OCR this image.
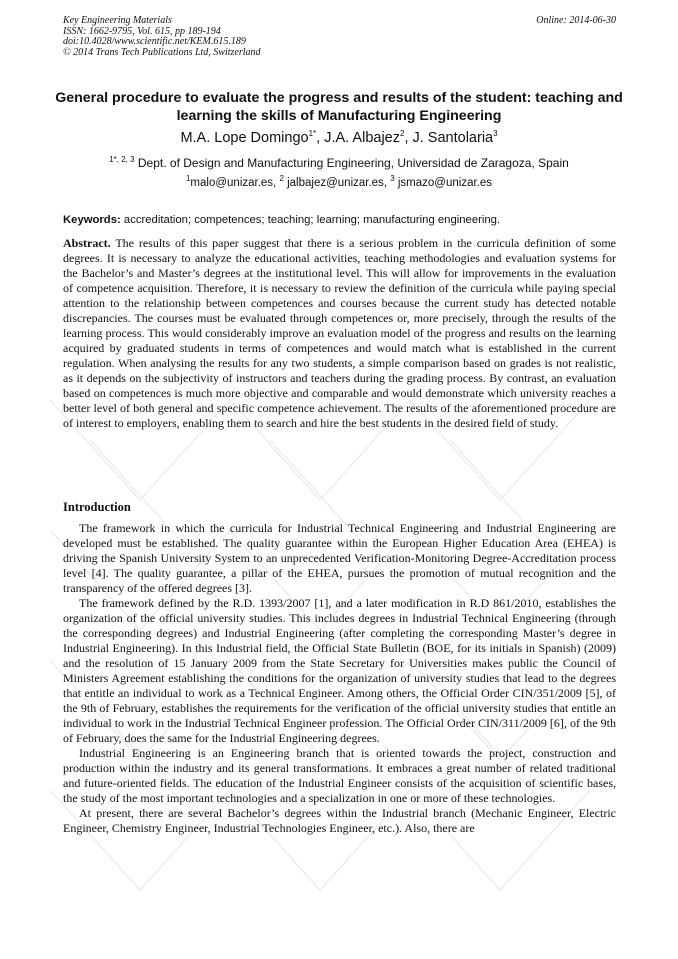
Key Engineering Materials
ISSN: 1662-9795, Vol. 615, pp 189-194
doi:10.4028/www.scientific.net/KEM.615.189
© 2014 Trans Tech Publications Ltd, Switzerland
Online: 2014-06-30
General procedure to evaluate the progress and results of the student: teaching and learning the skills of Manufacturing Engineering
M.A. Lope Domingo$^{1*}$, J.A. Albajez$^2$, J. Santolaria$^3$
$^{1*, 2, 3}$ Dept. of Design and Manufacturing Engineering, Universidad de Zaragoza, Spain
$^1$malo@unizar.es, $^2$ jalbajez@unizar.es, $^3$ jsmazo@unizar.es
Keywords: accreditation; competences; teaching; learning; manufacturing engineering.

Abstract. The results of this paper suggest that there is a serious problem in the curricula definition of some degrees. It is necessary to analyze the educational activities, teaching methodologies and evaluation systems for the Bachelor’s and Master’s degrees at the institutional level. This will allow for improvements in the evaluation of competence acquisition. Therefore, it is necessary to review the definition of the curricula while paying special attention to the relationship between competences and courses because the current study has detected notable discrepancies. The courses must be evaluated through competences or, more precisely, through the results of the learning process. This would considerably improve an evaluation model of the progress and results on the learning acquired by graduated students in terms of competences and would match what is established in the current regulation. When analysing the results for any two students, a simple comparison based on grades is not realistic, as it depends on the subjectivity of instructors and teachers during the grading process. By contrast, an evaluation based on competences is much more objective and comparable and would demonstrate which university reaches a better level of both general and specific competence achievement. The results of the aforementioned procedure are of interest to employers, enabling them to search and hire the best students in the desired field of study.

Introduction

The framework in which the curricula for Industrial Technical Engineering and Industrial Engineering are developed must be established. The quality guarantee within the European Higher Education Area (EHEA) is driving the Spanish University System to an unprecedented Verification-Monitoring Degree-Accreditation process level [4]. The quality guarantee, a pillar of the EHEA, pursues the promotion of mutual recognition and the transparency of the offered degrees [3].

The framework defined by the R.D. 1393/2007 [1], and a later modification in R.D 861/2010, establishes the organization of the official university studies. This includes degrees in Industrial Technical Engineering (through the corresponding degrees) and Industrial Engineering (after completing the corresponding Master’s degree in Industrial Engineering). In this Industrial field, the Official State Bulletin (BOE, for its initials in Spanish) (2009) and the resolution of 15 January 2009 from the State Secretary for Universities makes public the Council of Ministers Agreement establishing the conditions for the organization of university studies that lead to the degrees that entitle an individual to work as a Technical Engineer. Among others, the Official Order CIN/351/2009 [5], of the 9th of February, establishes the requirements for the verification of the official university studies that entitle an individual to work in the Industrial Technical Engineer profession. The Official Order CIN/311/2009 [6], of the 9th of February, does the same for the Industrial Engineering degrees.

Industrial Engineering is an Engineering branch that is oriented towards the project, construction and production within the industry and its general transformations. It embraces a great number of related traditional and future-oriented fields. The education of the Industrial Engineer consists of the acquisition of scientific bases, the study of the most important technologies and a specialization in one or more of these technologies.

At present, there are several Bachelor’s degrees within the Industrial branch (Mechanic Engineer, Electric Engineer, Chemistry Engineer, Industrial Technologies Engineer, etc.). Also, there are
